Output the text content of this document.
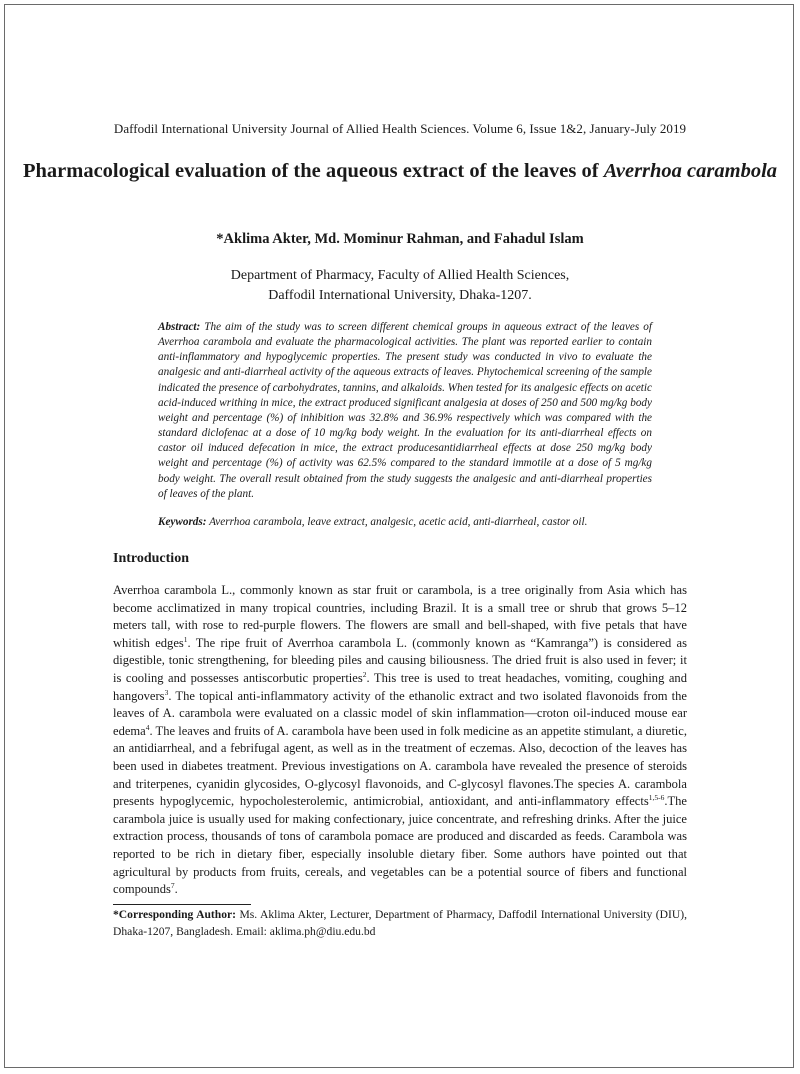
Daffodil International University Journal of Allied Health Sciences. Volume 6, Issue 1&2, January-July 2019
Pharmacological evaluation of the aqueous extract of the leaves of Averrhoa carambola
*Aklima Akter, Md. Mominur Rahman, and Fahadul Islam
Department of Pharmacy, Faculty of Allied Health Sciences,
Daffodil International University, Dhaka-1207.

Abstract: The aim of the study was to screen different chemical groups in aqueous extract of the leaves of Averrhoa carambola and evaluate the pharmacological activities. The plant was reported earlier to contain anti-inflammatory and hypoglycemic properties. The present study was conducted in vivo to evaluate the analgesic and anti-diarrheal activity of the aqueous extracts of leaves. Phytochemical screening of the sample indicated the presence of carbohydrates, tannins, and alkaloids. When tested for its analgesic effects on acetic acid-induced writhing in mice, the extract produced significant analgesia at doses of 250 and 500 mg/kg body weight and percentage (%) of inhibition was 32.8% and 36.9% respectively which was compared with the standard diclofenac at a dose of 10 mg/kg body weight. In the evaluation for its anti-diarrheal effects on castor oil induced defecation in mice, the extract producesantidiarrheal effects at dose 250 mg/kg body weight and percentage (%) of activity was 62.5% compared to the standard immotile at a dose of 5 mg/kg body weight. The overall result obtained from the study suggests the analgesic and anti-diarrheal properties of leaves of the plant.

Keywords: Averrhoa carambola, leave extract, analgesic, acetic acid, anti-diarrheal, castor oil.

Introduction

Averrhoa carambola L., commonly known as star fruit or carambola, is a tree originally from Asia which has become acclimatized in many tropical countries, including Brazil. It is a small tree or shrub that grows 5–12 meters tall, with rose to red-purple flowers. The flowers are small and bell-shaped, with five petals that have whitish edges$^1$. The ripe fruit of Averrhoa carambola L. (commonly known as “Kamranga”) is considered as digestible, tonic strengthening, for bleeding piles and causing biliousness. The dried fruit is also used in fever; it is cooling and possesses antiscorbutic properties$^2$. This tree is used to treat headaches, vomiting, coughing and hangovers$^3$. The topical anti-inflammatory activity of the ethanolic extract and two isolated flavonoids from the leaves of A. carambola were evaluated on a classic model of skin inflammation—croton oil-induced mouse ear edema$^4$. The leaves and fruits of A. carambola have been used in folk medicine as an appetite stimulant, a diuretic, an antidiarrheal, and a febrifugal agent, as well as in the treatment of eczemas. Also, decoction of the leaves has been used in diabetes treatment. Previous investigations on A. carambola have revealed the presence of steroids and triterpenes, cyanidin glycosides, O-glycosyl flavonoids, and C-glycosyl flavones.The species A. carambola presents hypoglycemic, hypocholesterolemic, antimicrobial, antioxidant, and anti-inflammatory effects$^{1,5-6}$.The carambola juice is usually used for making confectionary, juice concentrate, and refreshing drinks. After the juice extraction process, thousands of tons of carambola pomace are produced and discarded as feeds. Carambola was reported to be rich in dietary fiber, especially insoluble dietary fiber. Some authors have pointed out that agricultural by products from fruits, cereals, and vegetables can be a potential source of fibers and functional compounds$^7$.

*Corresponding Author: Ms. Aklima Akter, Lecturer, Department of Pharmacy, Daffodil International University (DIU), Dhaka-1207, Bangladesh. Email: aklima.ph@diu.edu.bd
